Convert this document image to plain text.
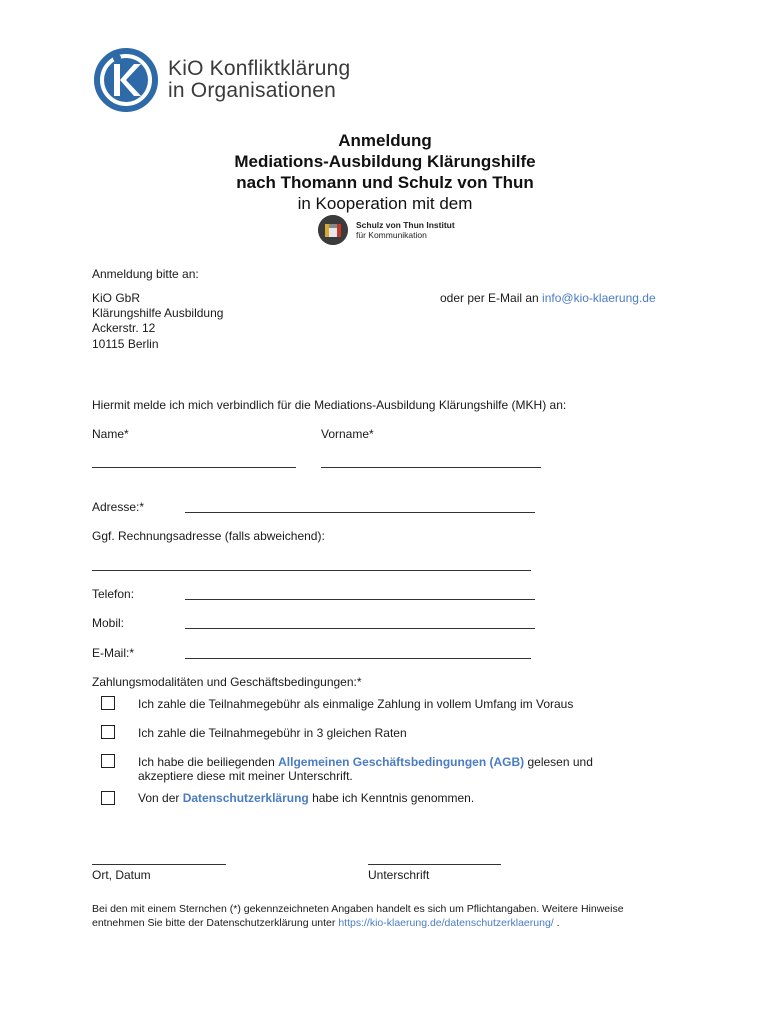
KiO Konfliktklärung
in Organisationen
Anmeldung
Mediations-Ausbildung Klärungshilfe
nach Thomann und Schulz von Thun
in Kooperation mit dem
Schulz von Thun Institut
für Kommunikation
Anmeldung bitte an:
KiO GbR
Klärungshilfe Ausbildung
Ackerstr. 12
10115 Berlin
oder per E-Mail an info@kio-klaerung.de
Hiermit melde ich mich verbindlich für die Mediations-Ausbildung Klärungshilfe (MKH) an:
Name*	Vorname*
Adresse:*
Ggf. Rechnungsadresse (falls abweichend):
Telefon:
Mobil:
E-Mail:*
Zahlungsmodalitäten und Geschäftsbedingungen:*
Ich zahle die Teilnahmegebühr als einmalige Zahlung in vollem Umfang im Voraus
Ich zahle die Teilnahmegebühr in 3 gleichen Raten
Ich habe die beiliegenden Allgemeinen Geschäftsbedingungen (AGB) gelesen und
akzeptiere diese mit meiner Unterschrift.
Von der Datenschutzerklärung habe ich Kenntnis genommen.
Ort, Datum	Unterschrift
Bei den mit einem Sternchen (*) gekennzeichneten Angaben handelt es sich um Pflichtangaben. Weitere Hinweise
entnehmen Sie bitte der Datenschutzerklärung unter https://kio-klaerung.de/datenschutzerklaerung/ .
